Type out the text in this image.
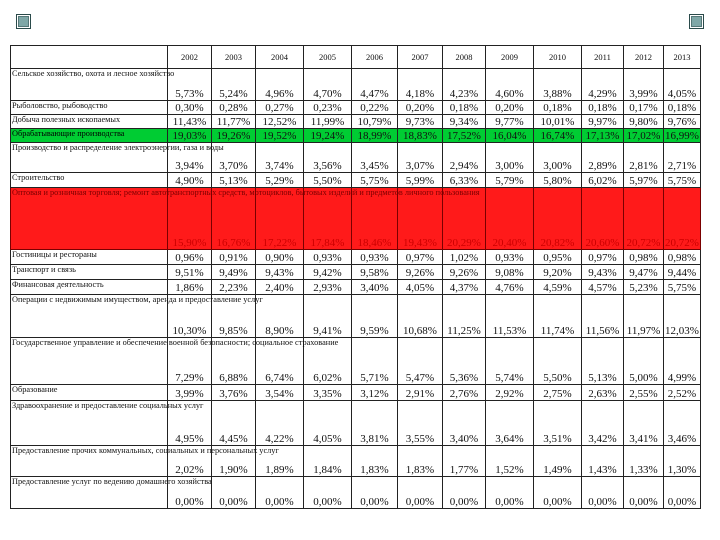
	2002	2003	2004	2005	2006	2007	2008	2009	2010	2011	2012	2013
Сельское хозяйство, охота и лесное хозяйство	5,73%	5,24%	4,96%	4,70%	4,47%	4,18%	4,23%	4,60%	3,88%	4,29%	3,99%	4,05%
Рыболовство, рыбоводство	0,30%	0,28%	0,27%	0,23%	0,22%	0,20%	0,18%	0,20%	0,18%	0,18%	0,17%	0,18%
Добыча полезных ископаемых	11,43%	11,77%	12,52%	11,99%	10,79%	9,73%	9,34%	9,77%	10,01%	9,97%	9,80%	9,76%
Обрабатывающие производства	19,03%	19,26%	19,52%	19,24%	18,99%	18,83%	17,52%	16,04%	16,74%	17,13%	17,02%	16,99%
Производство и распределение электроэнергии, газа и воды	3,94%	3,70%	3,74%	3,56%	3,45%	3,07%	2,94%	3,00%	3,00%	2,89%	2,81%	2,71%
Строительство	4,90%	5,13%	5,29%	5,50%	5,75%	5,99%	6,33%	5,79%	5,80%	6,02%	5,97%	5,75%
Оптовая и розничная торговля; ремонт автотранспортных средств, мотоциклов, бытовых изделий и предметов личного пользования	15,90%	16,76%	17,22%	17,84%	18,46%	19,43%	20,29%	20,40%	20,82%	20,60%	20,72%	20,72%
Гостиницы и рестораны	0,96%	0,91%	0,90%	0,93%	0,93%	0,97%	1,02%	0,93%	0,95%	0,97%	0,98%	0,98%
Транспорт и связь	9,51%	9,49%	9,43%	9,42%	9,58%	9,26%	9,26%	9,08%	9,20%	9,43%	9,47%	9,44%
Финансовая деятельность	1,86%	2,23%	2,40%	2,93%	3,40%	4,05%	4,37%	4,76%	4,59%	4,57%	5,23%	5,75%
Операции с недвижимым имуществом, аренда и предоставление услуг	10,30%	9,85%	8,90%	9,41%	9,59%	10,68%	11,25%	11,53%	11,74%	11,56%	11,97%	12,03%
Государственное управление и обеспечение военной безопасности; социальное страхование	7,29%	6,88%	6,74%	6,02%	5,71%	5,47%	5,36%	5,74%	5,50%	5,13%	5,00%	4,99%
Образование	3,99%	3,76%	3,54%	3,35%	3,12%	2,91%	2,76%	2,92%	2,75%	2,63%	2,55%	2,52%
Здравоохранение и предоставление социальных услуг	4,95%	4,45%	4,22%	4,05%	3,81%	3,55%	3,40%	3,64%	3,51%	3,42%	3,41%	3,46%
Предоставление прочих коммунальных, социальных и персональных услуг	2,02%	1,90%	1,89%	1,84%	1,83%	1,83%	1,77%	1,52%	1,49%	1,43%	1,33%	1,30%
Предоставление услуг по ведению домашнего хозяйства	0,00%	0,00%	0,00%	0,00%	0,00%	0,00%	0,00%	0,00%	0,00%	0,00%	0,00%	0,00%
